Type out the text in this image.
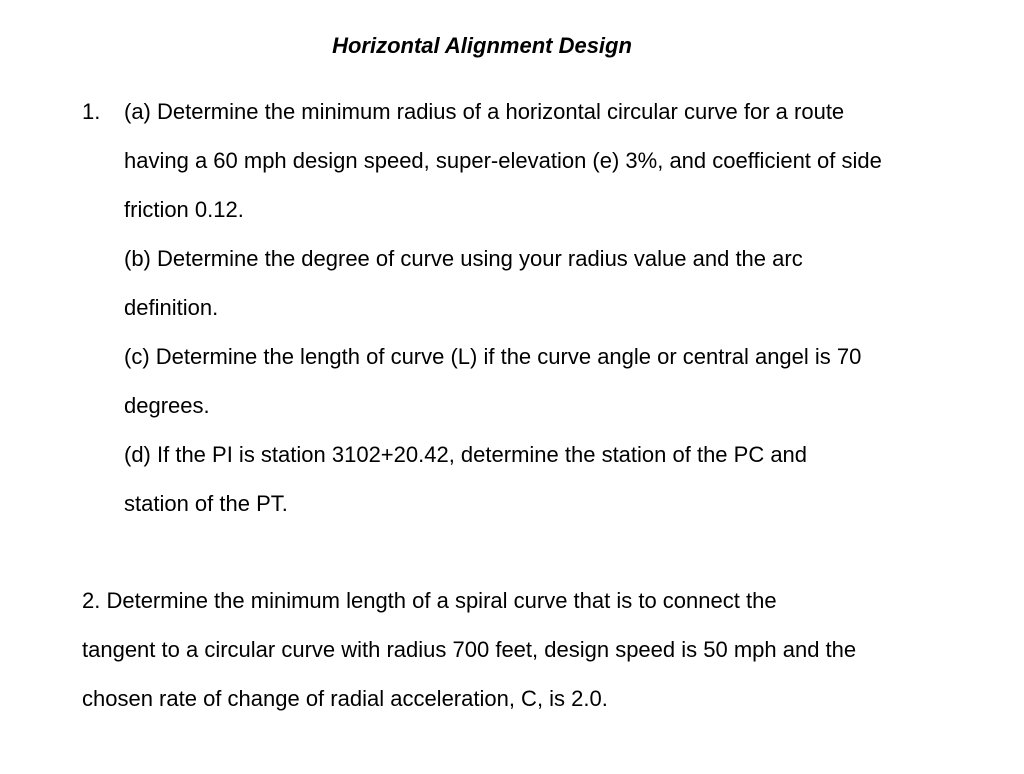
Horizontal Alignment Design
1. (a) Determine the minimum radius of a horizontal circular curve for a route
having a 60 mph design speed, super-elevation (e) 3%, and coefficient of side
friction 0.12.
(b) Determine the degree of curve using your radius value and the arc
definition.
(c) Determine the length of curve (L) if the curve angle or central angel is 70
degrees.
(d) If the PI is station 3102+20.42, determine the station of the PC and
station of the PT.
2. Determine the minimum length of a spiral curve that is to connect the
tangent to a circular curve with radius 700 feet, design speed is 50 mph and the
chosen rate of change of radial acceleration, C, is 2.0.
